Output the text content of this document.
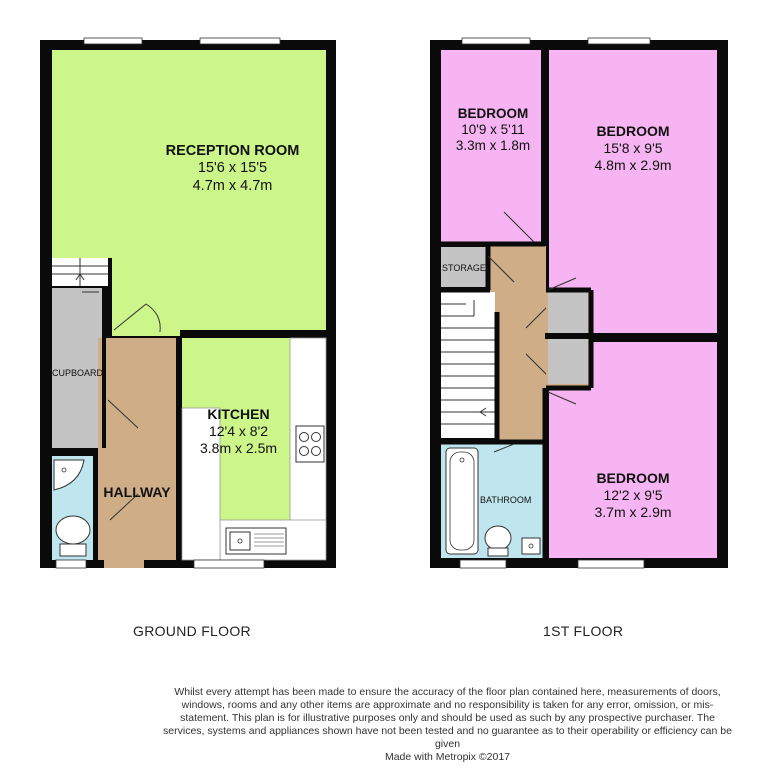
RECEPTION ROOM
15'6 x 15'5
4.7m x 4.7m
KITCHEN
12'4 x 8'2
3.8m x 2.5m
HALLWAY
CUPBOARD
GROUND FLOOR
BEDROOM
10'9 x 5'11
3.3m x 1.8m
BEDROOM
15'8 x 9'5
4.8m x 2.9m
BEDROOM
12'2 x 9'5
3.7m x 2.9m
STORAGE
BATHROOM
1ST FLOOR
Whilst every attempt has been made to ensure the accuracy of the floor plan contained here, measurements of doors, windows, rooms and any other items are approximate and no responsibility is taken for any error, omission, or mis-statement. This plan is for illustrative purposes only and should be used as such by any prospective purchaser. The services, systems and appliances shown have not been tested and no guarantee as to their operability or efficiency can be given
Made with Metropix ©2017
